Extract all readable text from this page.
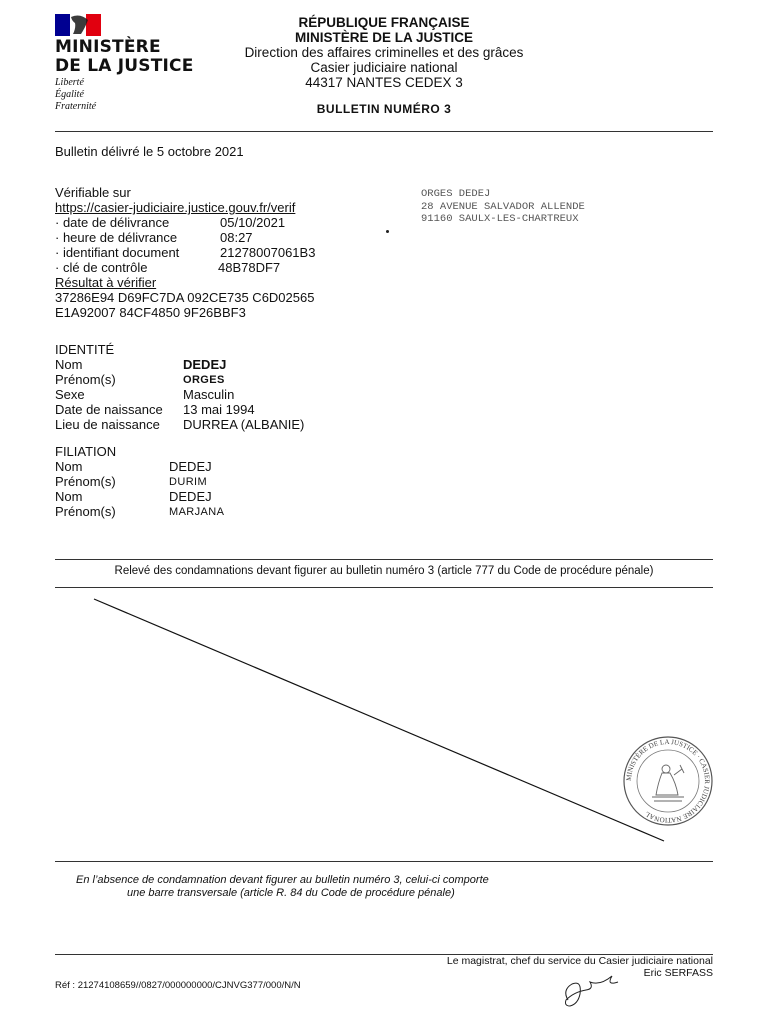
MINISTÈRE
DE LA JUSTICE
Liberté
Égalité
Fraternité
RÉPUBLIQUE FRANÇAISE
MINISTÈRE DE LA JUSTICE
Direction des affaires criminelles et des grâces
Casier judiciaire national
44317 NANTES CEDEX 3
BULLETIN NUMÉRO 3
Bulletin délivré le 5 octobre 2021
Vérifiable sur
https://casier-judiciaire.justice.gouv.fr/verif
· date de délivrance	05/10/2021
· heure de délivrance	08:27
· identifiant document	21278007061B3
· clé de contrôle	48B78DF7
Résultat à vérifier
37286E94 D69FC7DA 092CE735 C6D02565
E1A92007 84CF4850 9F26BBF3
ORGES DEDEJ
28 AVENUE SALVADOR ALLENDE
91160 SAULX-LES-CHARTREUX
IDENTITÉ
Nom	DEDEJ
Prénom(s)	ORGES
Sexe	Masculin
Date de naissance 13 mai 1994
Lieu de naissance DURREA (ALBANIE)
FILIATION
Nom	DEDEJ
Prénom(s)	DURIM
Nom	DEDEJ
Prénom(s)	MARJANA
Relevé des condamnations devant figurer au bulletin numéro 3 (article 777 du Code de procédure pénale)
MINISTÈRE DE LA JUSTICE · CASIER JUDICIAIRE NATIONAL
En l’absence de condamnation devant figurer au bulletin numéro 3, celui-ci comporte
une barre transversale (article R. 84 du Code de procédure pénale)
Le magistrat, chef du service du Casier judiciaire national
Eric SERFASS
Réf : 21274108659//0827/000000000/CJNVG377/000/N/N
